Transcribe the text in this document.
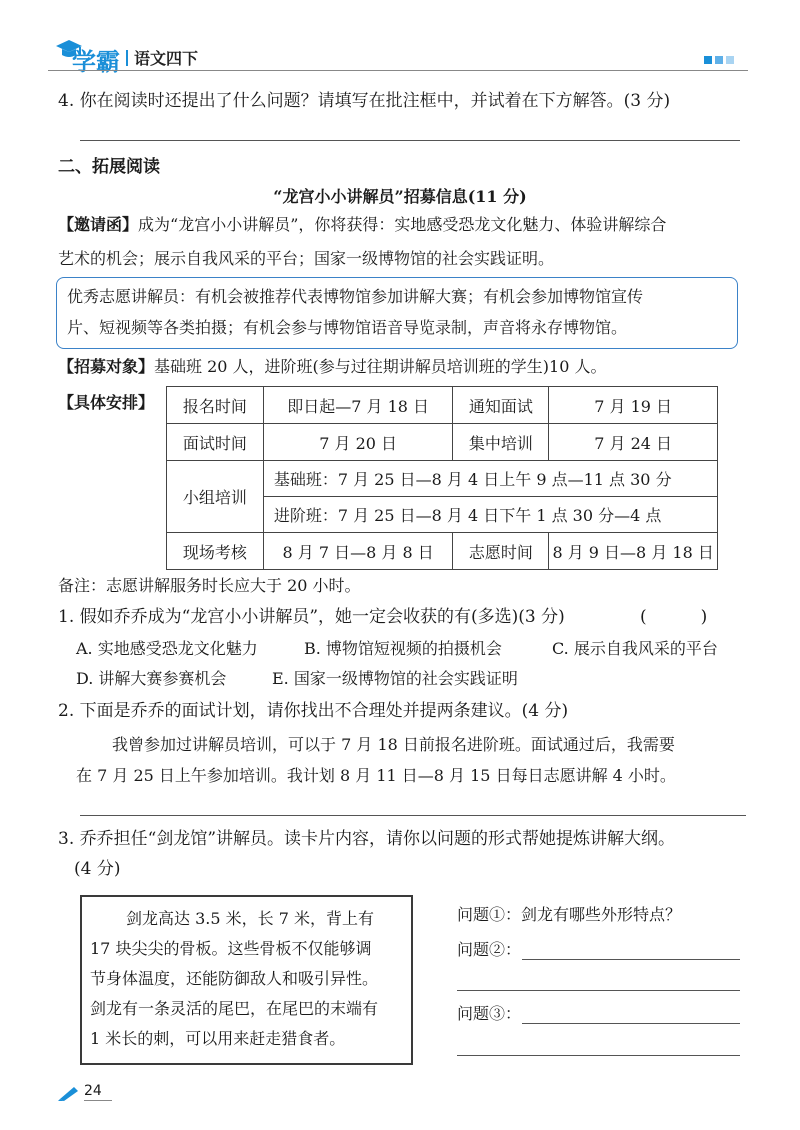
学霸 语文四下
4. 你在阅读时还提出了什么问题？请填写在批注框中，并试着在下方解答。(3 分)
二、拓展阅读
“龙宫小小讲解员”招募信息(11 分)
【邀请函】成为“龙宫小小讲解员”，你将获得：实地感受恐龙文化魅力、体验讲解综合
艺术的机会；展示自我风采的平台；国家一级博物馆的社会实践证明。
优秀志愿讲解员：有机会被推荐代表博物馆参加讲解大赛；有机会参加博物馆宣传
片、短视频等各类拍摄；有机会参与博物馆语音导览录制，声音将永存博物馆。
【招募对象】基础班 20 人，进阶班(参与过往期讲解员培训班的学生)10 人。
【具体安排】 报名时间	即日起—7 月 18 日	通知面试	7 月 19 日
面试时间	7 月 20 日	集中培训	7 月 24 日
小组培训	基础班：7 月 25 日—8 月 4 日上午 9 点—11 点 30 分		
	进阶班：7 月 25 日—8 月 4 日下午 1 点 30 分—4 点		
现场考核	8 月 7 日—8 月 8 日	志愿时间	8 月 9 日—8 月 18 日
备注：志愿讲解服务时长应大于 20 小时。
1. 假如乔乔成为“龙宫小小讲解员”，她一定会收获的有(多选)(3 分)	(          )
A. 实地感受恐龙文化魅力	B. 博物馆短视频的拍摄机会	C. 展示自我风采的平台
D. 讲解大赛参赛机会	E. 国家一级博物馆的社会实践证明
2. 下面是乔乔的面试计划，请你找出不合理处并提两条建议。(4 分)
我曾参加过讲解员培训，可以于 7 月 18 日前报名进阶班。面试通过后，我需要
在 7 月 25 日上午参加培训。我计划 8 月 11 日—8 月 15 日每日志愿讲解 4 小时。
3. 乔乔担任“剑龙馆”讲解员。读卡片内容，请你以问题的形式帮她提炼讲解大纲。
(4 分)
剑龙高达 3.5 米，长 7 米，背上有
17 块尖尖的骨板。这些骨板不仅能够调
节身体温度，还能防御敌人和吸引异性。
剑龙有一条灵活的尾巴，在尾巴的末端有
1 米长的刺，可以用来赶走猎食者。
问题①：剑龙有哪些外形特点？
问题②：
问题③：
24
